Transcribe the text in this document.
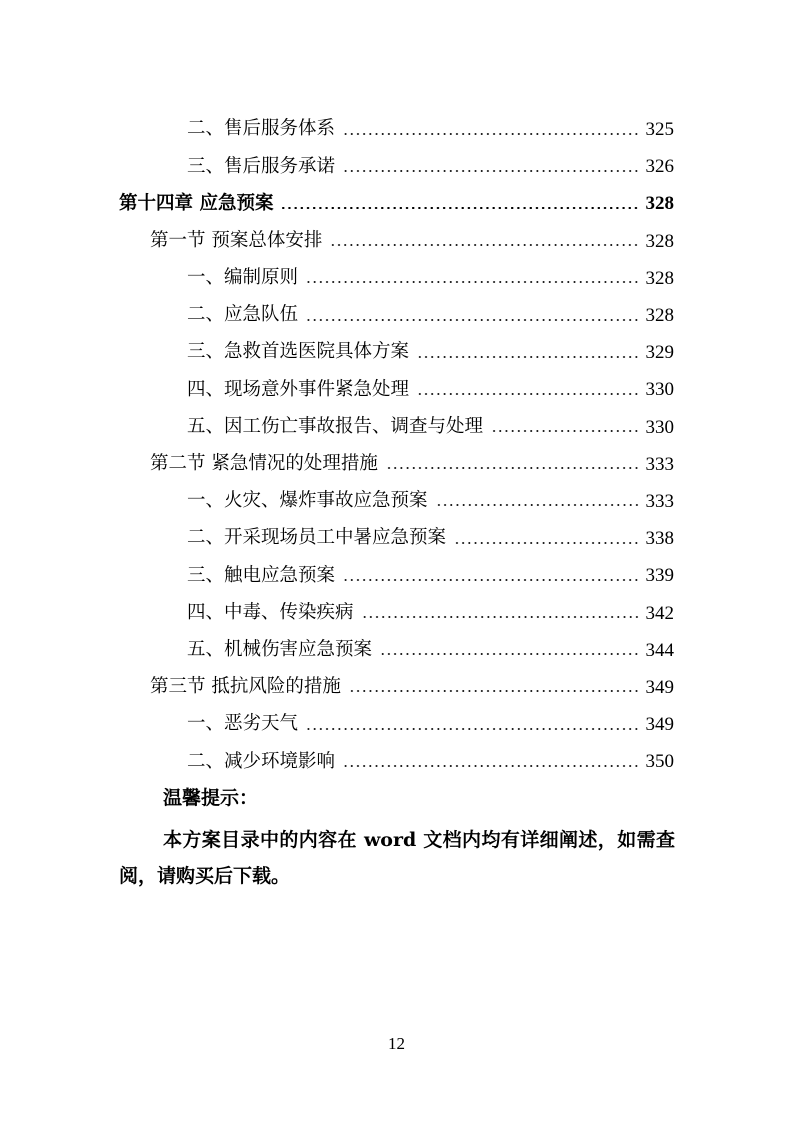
二、售后服务体系	325
三、售后服务承诺	326
第十四章 应急预案	328
第一节 预案总体安排	328
一、编制原则	328
二、应急队伍	328
三、急救首选医院具体方案	329
四、现场意外事件紧急处理	330
五、因工伤亡事故报告、调查与处理	330
第二节 紧急情况的处理措施	333
一、火灾、爆炸事故应急预案	333
二、开采现场员工中暑应急预案	338
三、触电应急预案	339
四、中毒、传染疾病	342
五、机械伤害应急预案	344
第三节 抵抗风险的措施	349
一、恶劣天气	349
二、减少环境影响	350
温馨提示：
本方案目录中的内容在 word 文档内均有详细阐述，如需查阅，请购买后下载。
12
